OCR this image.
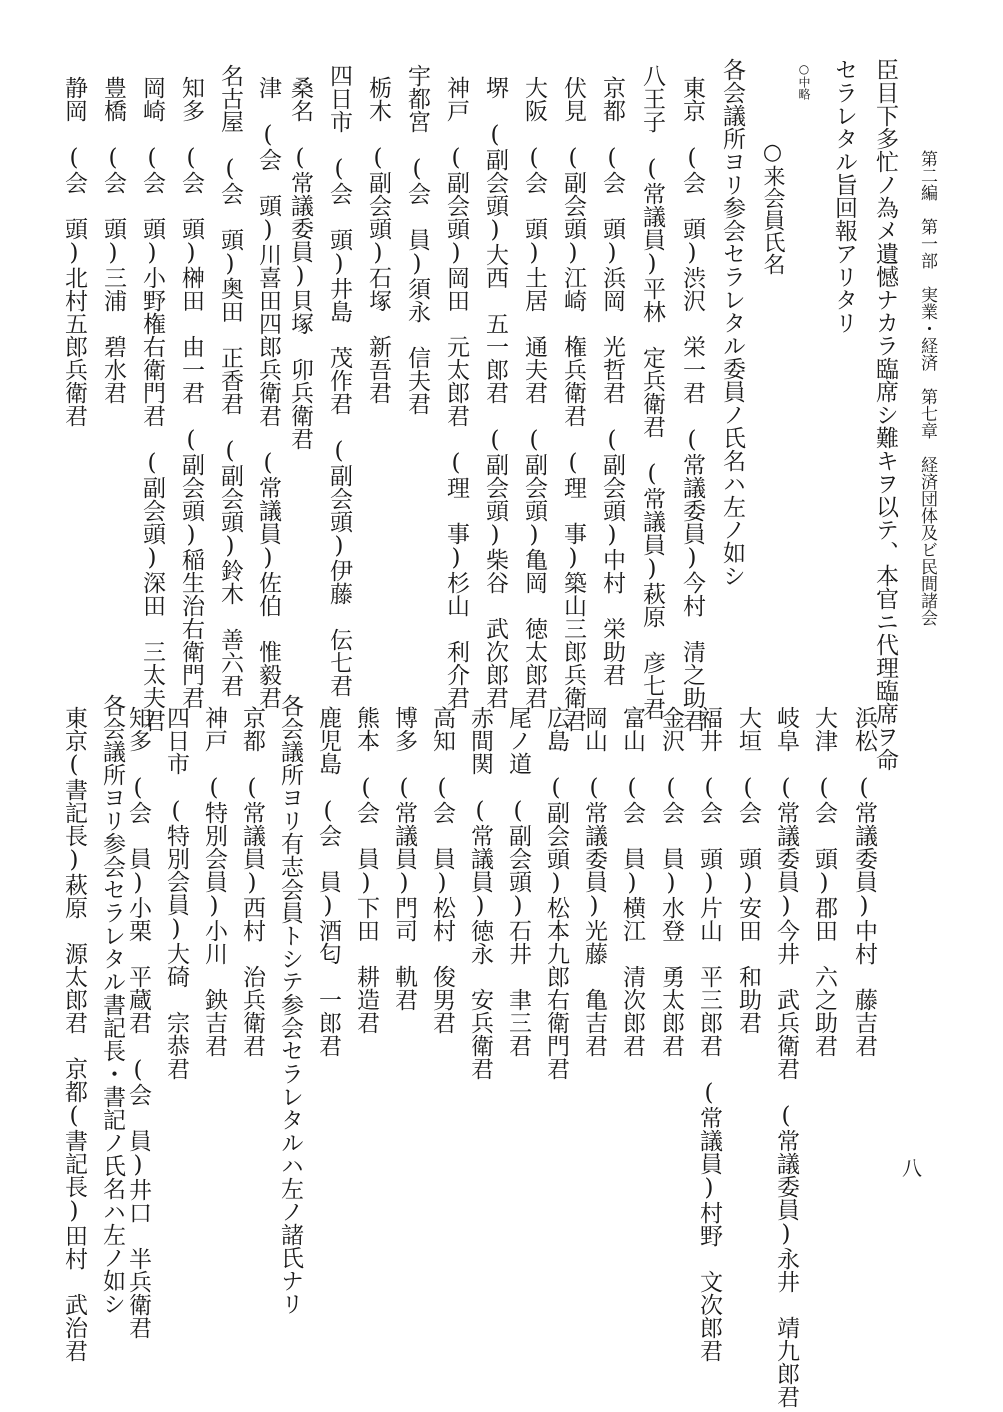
第二編　第一部　実業・経済　第七章　経済団体及ビ民間諸会
八
臣目下多忙ノ為メ遺憾ナカラ臨席シ難キヲ以テ、本官ニ代理臨席ヲ命
セラレタル旨回報アリタリ
○中略
○来会員氏名
各会議所ヨリ参会セラレタル委員ノ氏名ハ左ノ如シ
東京　(会　頭)渋沢　栄一君　(常議委員)今村　清之助君
八王子　(常議員)平林　定兵衛君　(常議員)萩原　彦七君
京都　(会　頭)浜岡　光哲君　(副会頭)中村　栄助君
伏見　(副会頭)江崎　権兵衛君　(理　事)築山三郎兵衛君
大阪　(会　頭)土居　通夫君　(副会頭)亀岡　徳太郎君
堺　(副会頭)大西　五一郎君　(副会頭)柴谷　武次郎君
神戸　(副会頭)岡田　元太郎君　(理　事)杉山　利介君
宇都宮　(会　員)須永　信夫君
栃木　(副会頭)石塚　新吾君
四日市　(会　頭)井島　茂作君　(副会頭)伊藤　伝七君
桑名　(常議委員)貝塚　卯兵衛君
津　(会　頭)川喜田四郎兵衛君　(常議員)佐伯　惟毅君
名古屋　(会　頭)奥田　正香君　(副会頭)鈴木　善六君
知多　(会　頭)榊田　由一君　(副会頭)稲生治右衛門君
岡崎　(会　頭)小野権右衛門君　(副会頭)深田　三太夫君
豊橋　(会　頭)三浦　碧水君
静岡　(会　頭)北村五郎兵衛君
浜松　(常議委員)中村　藤吉君
大津　(会　頭)郡田　六之助君
岐阜　(常議委員)今井　武兵衛君　(常議委員)永井　靖九郎君
大垣　(会　頭)安田　和助君
福井　(会　頭)片山　平三郎君　(常議員)村野　文次郎君
金沢　(会　員)水登　勇太郎君
富山　(会　員)横江　清次郎君
岡山　(常議委員)光藤　亀吉君
広島　(副会頭)松本九郎右衛門君
尾ノ道　(副会頭)石井　聿三君
赤間関　(常議員)徳永　安兵衛君
高知　(会　員)松村　俊男君
博多　(常議員)門司　軌君
熊本　(会　員)下田　耕造君
鹿児島　(会　員)酒匂　一郎君
各会議所ヨリ有志会員トシテ参会セラレタルハ左ノ諸氏ナリ
京都　(常議員)西村　治兵衛君
神戸　(特別会員)小川　鉠吉君
四日市　(特別会員)大碕　宗恭君
知多　(会　員)小栗　平蔵君　(会　員)井口　半兵衛君
各会議所ヨリ参会セラレタル書記長・書記ノ氏名ハ左ノ如シ
東京(書記長)萩原　源太郎君　京都(書記長)田村　武治君
